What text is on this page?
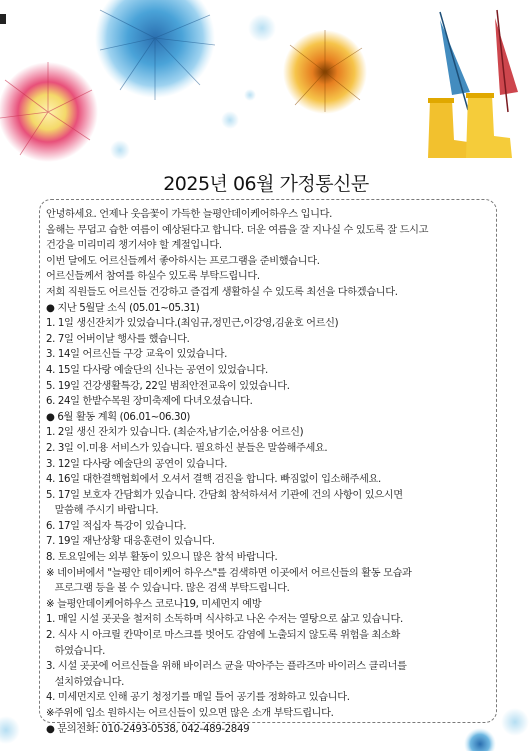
2025년 06월 가정통신문
안녕하세요. 언제나 웃음꽃이 가득한 늘평안데이케어하우스 입니다.
올해는 무덥고 습한 여름이 예상된다고 합니다. 더운 여름을 잘 지나실 수 있도록 잘 드시고
건강을 미리미리 챙기셔야 할 계절입니다.
이번 달에도 어르신들께서 좋아하시는 프로그램을 준비했습니다.
어르신들께서 참여를 하실수 있도록 부탁드립니다.
저희 직원들도 어르신들 건강하고 즐겁게 생활하실 수 있도록 최선을 다하겠습니다.
● 지난 5월달 소식 (05.01~05.31)
1. 1일 생신잔치가 있었습니다.(최임규,정민근,이강영,김윤호 어르신)
2. 7일 어버이날 행사를 했습니다.
3. 14일 어르신들 구강 교육이 있었습니다.
4. 15일 다사랑 예술단의 신나는 공연이 있었습니다.
5. 19일 건강생활특강, 22일 범죄안전교육이 있었습니다.
6. 24일 한밭수목원 장미축제에 다녀오셨습니다.
● 6월 활동 계획 (06.01~06.30)
1. 2일 생신 잔치가 있습니다. (최순자,남기순,어삼용 어르신)
2. 3일 이.미용 서비스가 있습니다. 필요하신 분들은 말씀해주세요.
3. 12일 다사랑 예술단의 공연이 있습니다.
4. 16일 대한결핵협회에서 오셔서 결핵 검진을 합니다. 빠짐없이 입소해주세요.
5. 17일 보호자 간담회가 있습니다. 간담회 참석하셔서 기관에 건의 사항이 있으시면
말씀해 주시기 바랍니다.
6. 17일 적십자 특강이 있습니다.
7. 19일 재난상황 대응훈련이 있습니다.
8. 토요일에는 외부 활동이 있으니 많은 참석 바랍니다.
※ 네이버에서 "늘평안 데이케어 하우스"를 검색하면 이곳에서 어르신들의 활동 모습과
프로그램 등을 볼 수 있습니다. 많은 검색 부탁드립니다.
※ 늘평안데이케어하우스 코로나19, 미세먼지 예방
1. 매일 시설 곳곳을 철저히 소독하며 식사하고 나온 수저는 열탕으로 삶고 있습니다.
2. 식사 시 아크릴 칸막이로 마스크를 벗어도 감염에 노출되지 않도록 위험을 최소화
하였습니다.
3. 시설 곳곳에 어르신들을 위해 바이러스 균을 막아주는 플라즈마 바이러스 클리너를
설치하였습니다.
4. 미세먼지로 인해 공기 청정기를 매일 틀어 공기를 정화하고 있습니다.
※주위에 입소 원하시는 어르신들이 있으면 많은 소개 부탁드립니다.
● 문의전화: 010-2493-0538, 042-489-2849
